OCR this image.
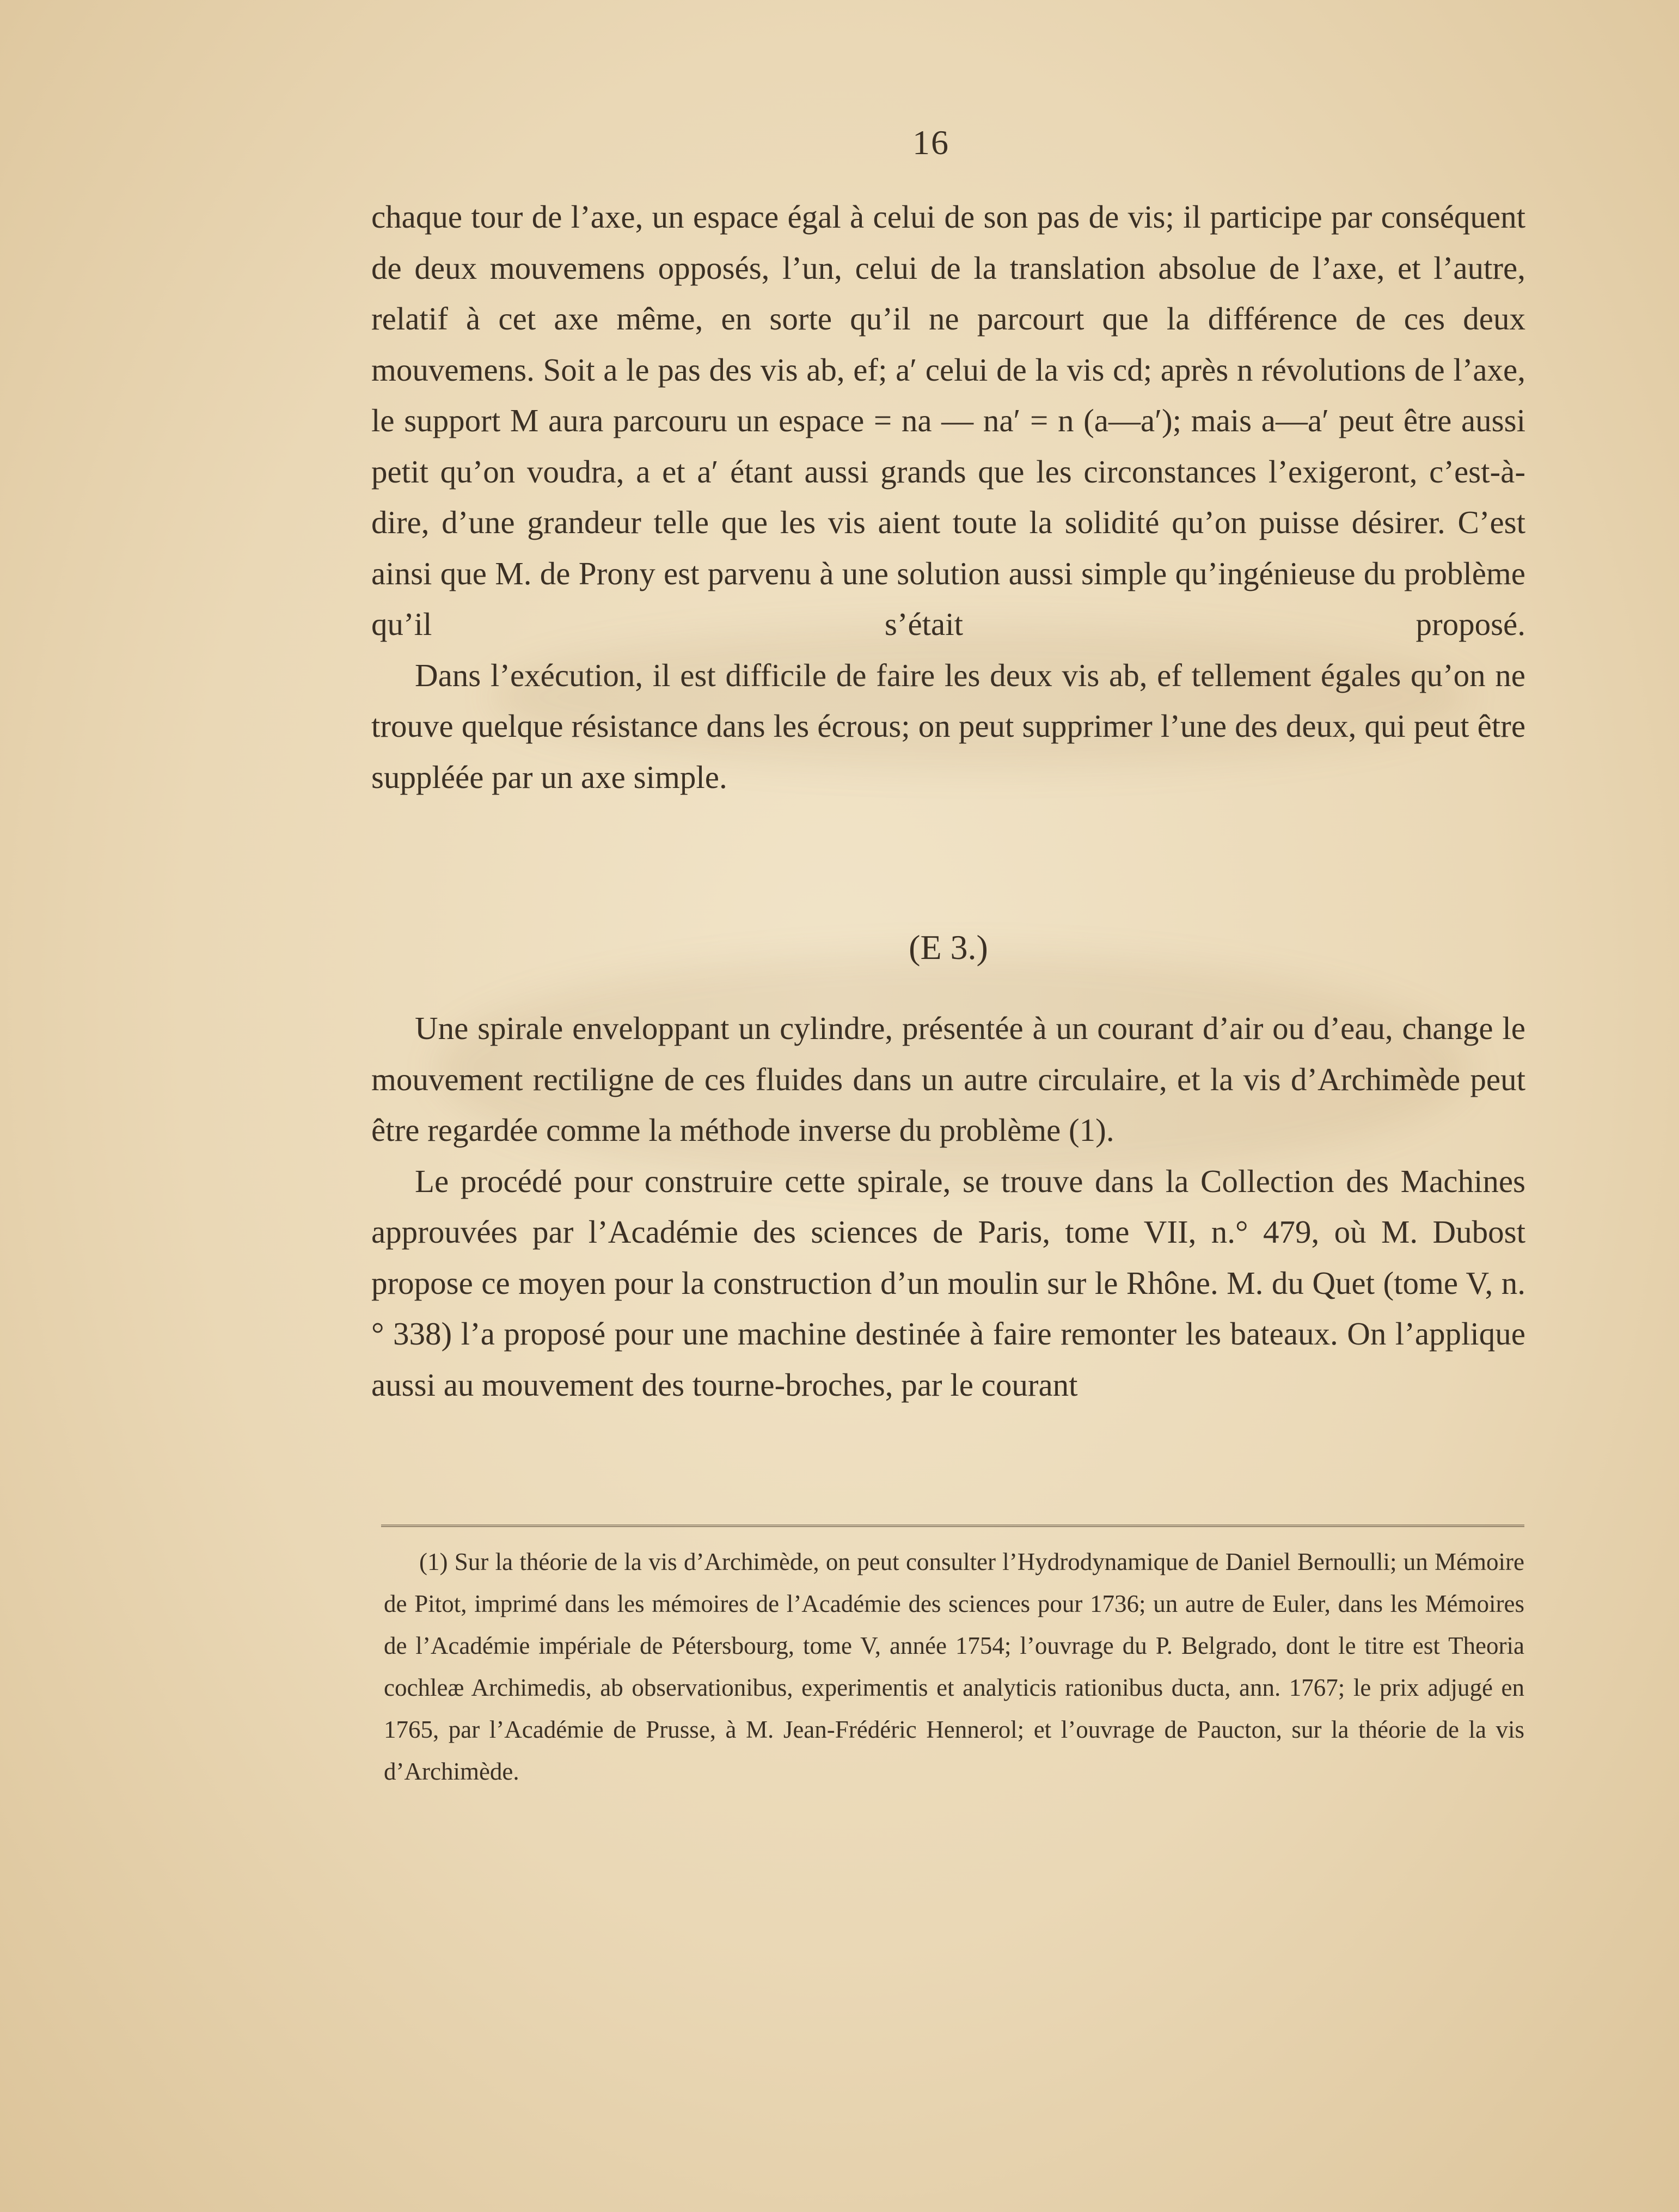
16

chaque tour de l’axe, un espace égal à celui de son pas de vis; il participe par conséquent de deux mouvemens opposés, l’un, celui de la translation absolue de l’axe, et l’autre, relatif à cet axe même, en sorte qu’il ne parcourt que la différence de ces deux mouvemens. Soit a le pas des vis ab, ef; a′ celui de la vis cd; après n révolutions de l’axe, le support M aura parcouru un espace = na — na′ = n (a—a′); mais a—a′ peut être aussi petit qu’on voudra, a et a′ étant aussi grands que les circonstances l’exigeront, c’est-à-dire, d’une grandeur telle que les vis aient toute la solidité qu’on puisse désirer. C’est ainsi que M. de Prony est parvenu à une solution aussi simple qu’ingénieuse du problème qu’il s’était proposé.

Dans l’exécution, il est difficile de faire les deux vis ab, ef tellement égales qu’on ne trouve quelque résistance dans les écrous; on peut supprimer l’une des deux, qui peut être suppléée par un axe simple.

(E 3.)

Une spirale enveloppant un cylindre, présentée à un courant d’air ou d’eau, change le mouvement rectiligne de ces fluides dans un autre circulaire, et la vis d’Archimède peut être regardée comme la méthode inverse du problème (1).

Le procédé pour construire cette spirale, se trouve dans la Collection des Machines approuvées par l’Académie des sciences de Paris, tome VII, n.° 479, où M. Dubost propose ce moyen pour la construction d’un moulin sur le Rhône. M. du Quet (tome V, n.° 338) l’a proposé pour une machine destinée à faire remonter les bateaux. On l’applique aussi au mouvement des tourne-broches, par le courant

(1) Sur la théorie de la vis d’Archimède, on peut consulter l’Hydrodynamique de Daniel Bernoulli; un Mémoire de Pitot, imprimé dans les mémoires de l’Académie des sciences pour 1736; un autre de Euler, dans les Mémoires de l’Académie impériale de Pétersbourg, tome V, année 1754; l’ouvrage du P. Belgrado, dont le titre est Theoria cochleæ Archimedis, ab observationibus, experimentis et analyticis rationibus ducta, ann. 1767; le prix adjugé en 1765, par l’Académie de Prusse, à M. Jean-Frédéric Hennerol; et l’ouvrage de Paucton, sur la théorie de la vis d’Archimède.
